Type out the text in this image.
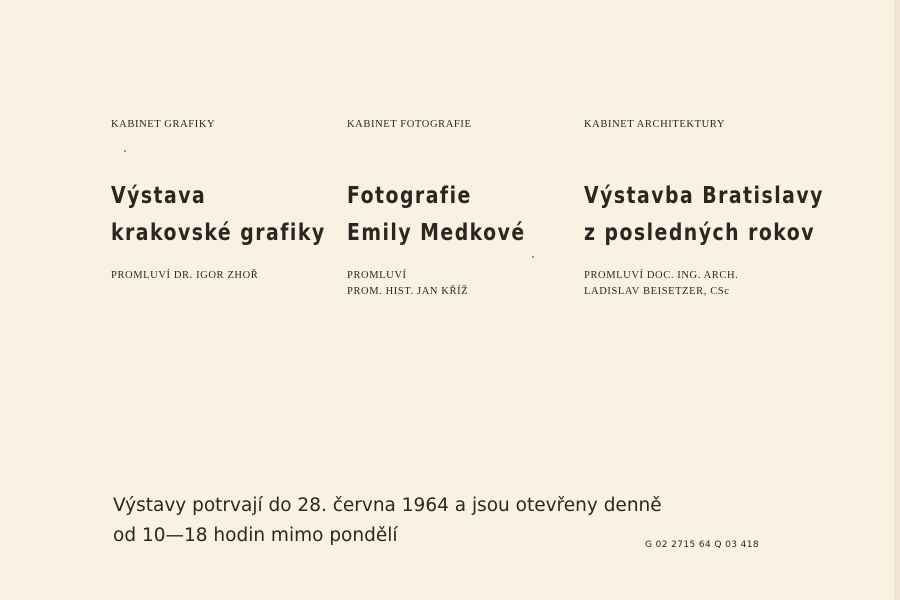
KABINET GRAFIKY

Výstava
krakovské grafiky
PROMLUVÍ DR. IGOR ZHOŘ

KABINET FOTOGRAFIE

Fotografie
Emily Medkové
PROMLUVÍ
PROM. HIST. JAN KŘÍŽ

KABINET ARCHITEKTURY

Výstavba Bratislavy
z posledných rokov
PROMLUVÍ DOC. ING. ARCH.
LADISLAV BEISETZER, CSc
Výstavy potrvají do 28. června 1964 a jsou otevřeny denně
od 10—18 hodin mimo pondělí	G 02 2715 64 Q 03 418
